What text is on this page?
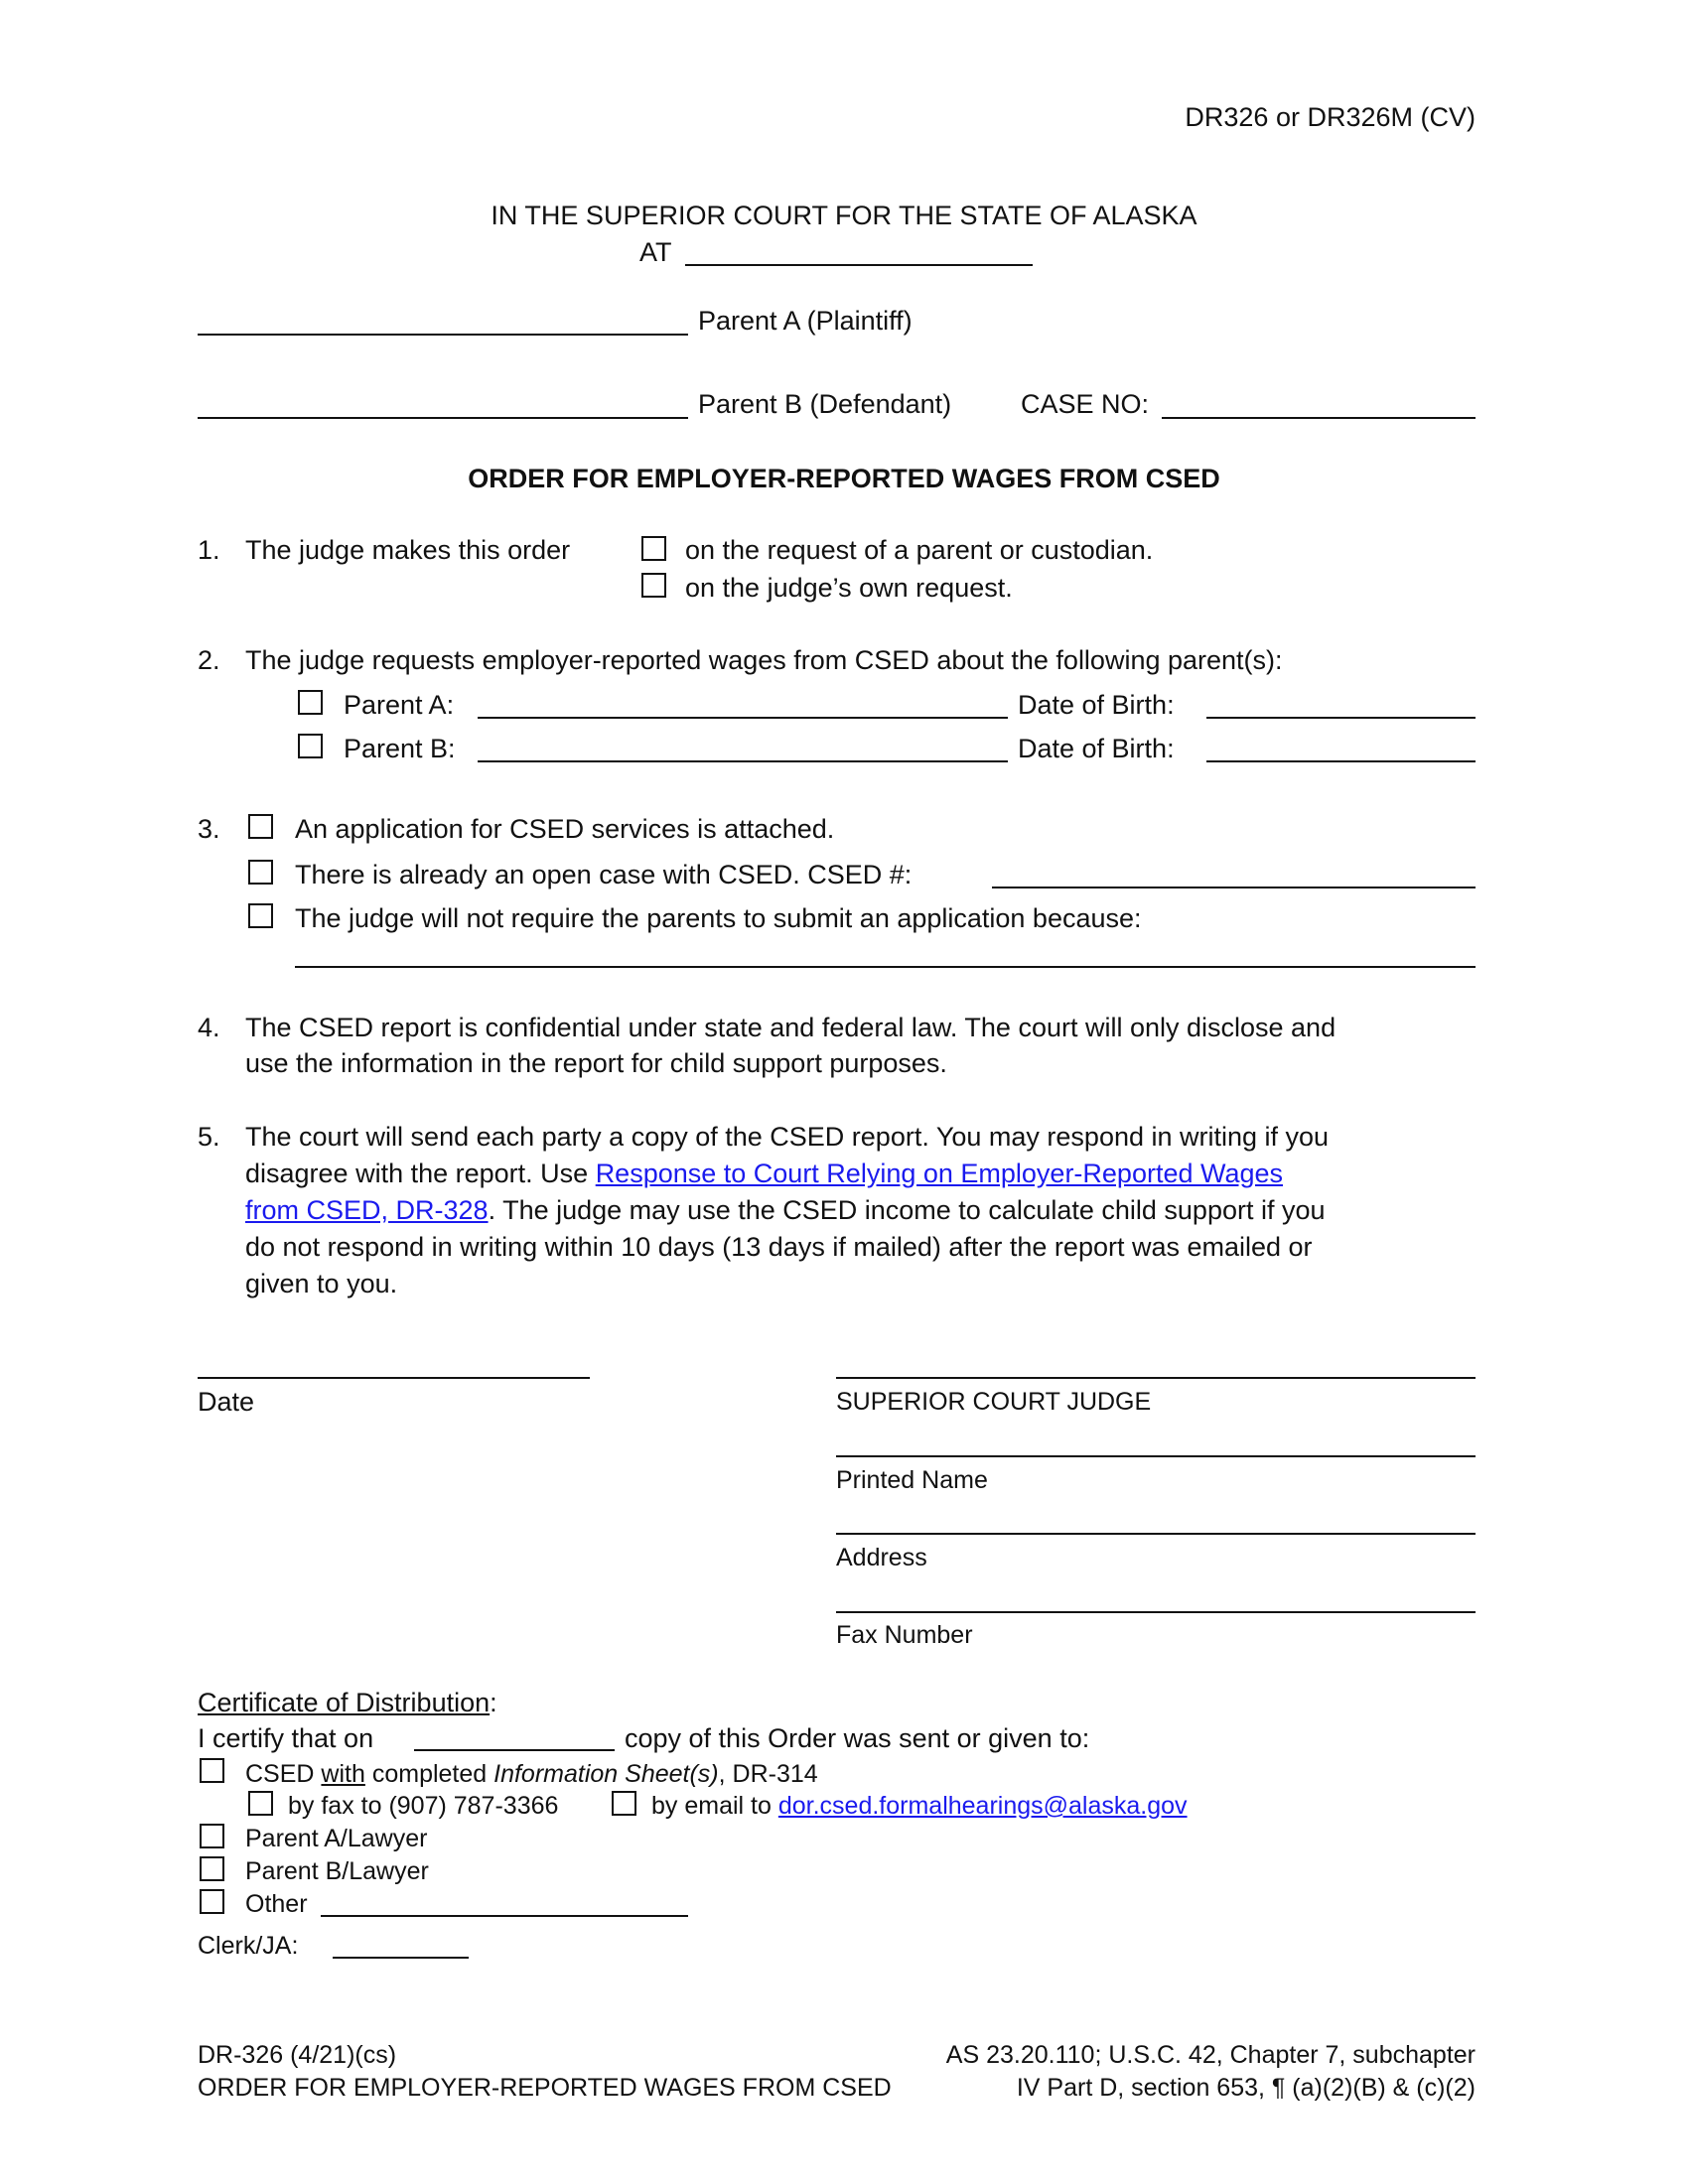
DR326 or DR326M (CV)
IN THE SUPERIOR COURT FOR THE STATE OF ALASKA
AT
Parent A (Plaintiff)
Parent B (Defendant)	CASE NO:
ORDER FOR EMPLOYER-REPORTED WAGES FROM CSED
1. The judge makes this order	on the request of a parent or custodian.
on the judge’s own request.
2. The judge requests employer-reported wages from CSED about the following parent(s):
Parent A:	Date of Birth:
Parent B:	Date of Birth:
3.	An application for CSED services is attached.
There is already an open case with CSED. CSED #:
The judge will not require the parents to submit an application because:
4. The CSED report is confidential under state and federal law. The court will only disclose and
use the information in the report for child support purposes.
5. The court will send each party a copy of the CSED report. You may respond in writing if you
disagree with the report. Use Response to Court Relying on Employer-Reported Wages
from CSED, DR-328. The judge may use the CSED income to calculate child support if you
do not respond in writing within 10 days (13 days if mailed) after the report was emailed or
given to you.
Date	SUPERIOR COURT JUDGE
Printed Name
Address
Fax Number
Certificate of Distribution:
I certify that on	copy of this Order was sent or given to:
CSED with completed Information Sheet(s), DR-314
by fax to (907) 787-3366	by email to dor.csed.formalhearings@alaska.gov
Parent A/Lawyer
Parent B/Lawyer
Other
Clerk/JA:
DR-326 (4/21)(cs)
ORDER FOR EMPLOYER-REPORTED WAGES FROM CSED
AS 23.20.110; U.S.C. 42, Chapter 7, subchapter
IV Part D, section 653, ¶ (a)(2)(B) & (c)(2)
